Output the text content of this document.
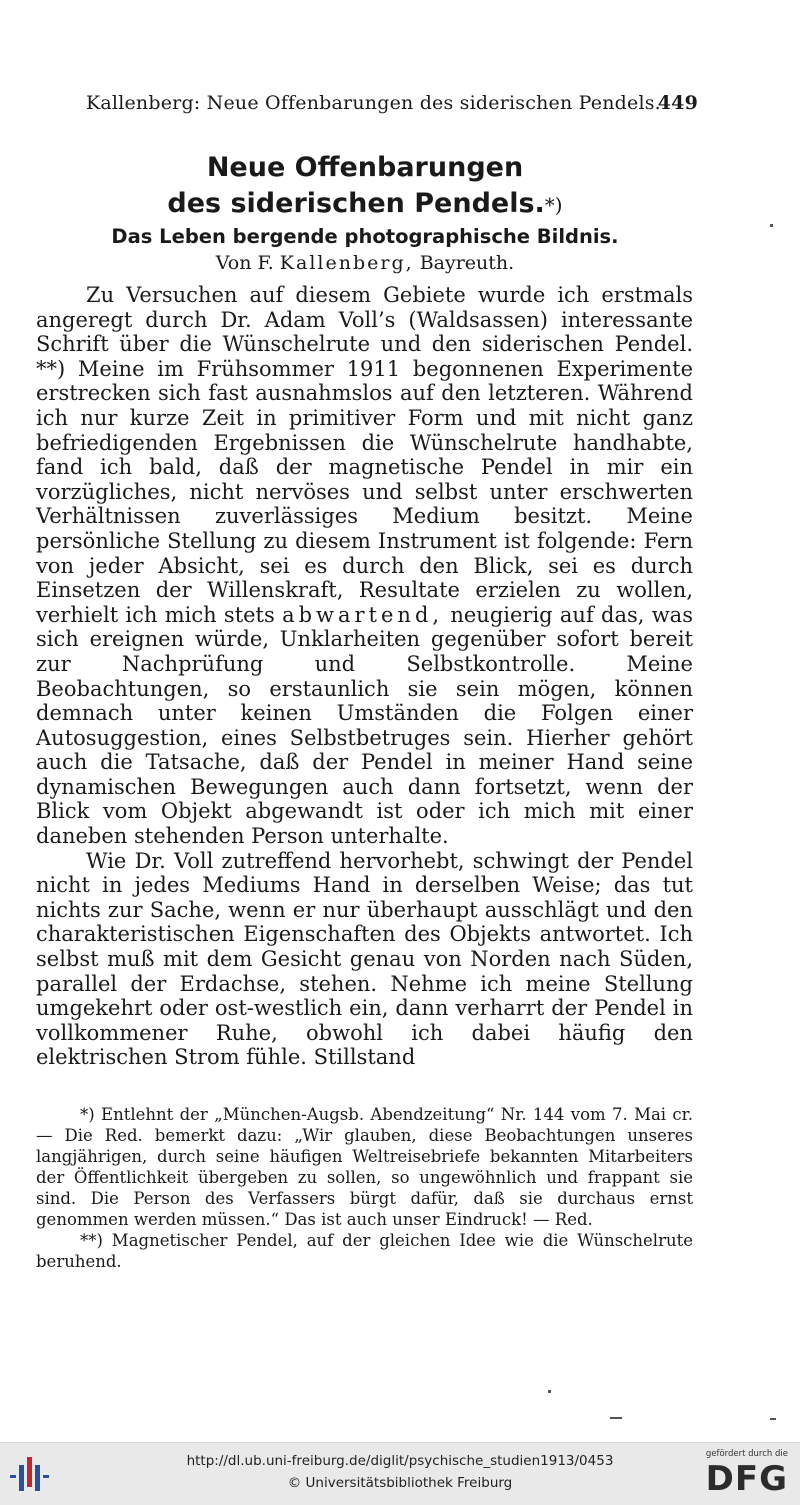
Kallenberg: Neue Offenbarungen des siderischen Pendels.
449
Neue Offenbarungen
des siderischen Pendels.*)
Das Leben bergende photographische Bildnis.
Von F. Kallenberg, Bayreuth.

Zu Versuchen auf diesem Gebiete wurde ich erstmals angeregt durch Dr. Adam Voll’s (Waldsassen) interessante Schrift über die Wünschelrute und den siderischen Pendel. **) Meine im Frühsommer 1911 begonnenen Experimente erstrecken sich fast ausnahmslos auf den letzteren. Während ich nur kurze Zeit in primitiver Form und mit nicht ganz befriedigenden Ergebnissen die Wünschelrute handhabte, fand ich bald, daß der magnetische Pendel in mir ein vorzügliches, nicht nervöses und selbst unter erschwerten Verhältnissen zuverlässiges Medium besitzt. Meine persönliche Stellung zu diesem Instrument ist folgende: Fern von jeder Absicht, sei es durch den Blick, sei es durch Einsetzen der Willenskraft, Resultate erzielen zu wollen, verhielt ich mich stets abwartend, neugierig auf das, was sich ereignen würde, Unklarheiten gegenüber sofort bereit zur Nachprüfung und Selbstkontrolle. Meine Beobachtungen, so erstaunlich sie sein mögen, können demnach unter keinen Umständen die Folgen einer Autosuggestion, eines Selbstbetruges sein. Hierher gehört auch die Tatsache, daß der Pendel in meiner Hand seine dynamischen Bewegungen auch dann fortsetzt, wenn der Blick vom Objekt abgewandt ist oder ich mich mit einer daneben stehenden Person unterhalte.

Wie Dr. Voll zutreffend hervorhebt, schwingt der Pendel nicht in jedes Mediums Hand in derselben Weise; das tut nichts zur Sache, wenn er nur überhaupt ausschlägt und den charakteristischen Eigenschaften des Objekts antwortet. Ich selbst muß mit dem Gesicht genau von Norden nach Süden, parallel der Erdachse, stehen. Nehme ich meine Stellung umgekehrt oder ost-westlich ein, dann verharrt der Pendel in vollkommener Ruhe, obwohl ich dabei häufig den elektrischen Strom fühle. Stillstand

*) Entlehnt der „München-Augsb. Abendzeitung“ Nr. 144 vom 7. Mai cr. — Die Red. bemerkt dazu: „Wir glauben, diese Beobachtungen unseres langjährigen, durch seine häufigen Weltreisebriefe bekannten Mitarbeiters der Öffentlichkeit übergeben zu sollen, so ungewöhnlich und frappant sie sind. Die Person des Verfassers bürgt dafür, daß sie durchaus ernst genommen werden müssen.“ Das ist auch unser Eindruck! — Red.

**) Magnetischer Pendel, auf der gleichen Idee wie die Wünschelrute beruhend.

http://dl.ub.uni-freiburg.de/diglit/psychische_studien1913/0453
© Universitätsbibliothek Freiburg
gefördert durch die
DFG
